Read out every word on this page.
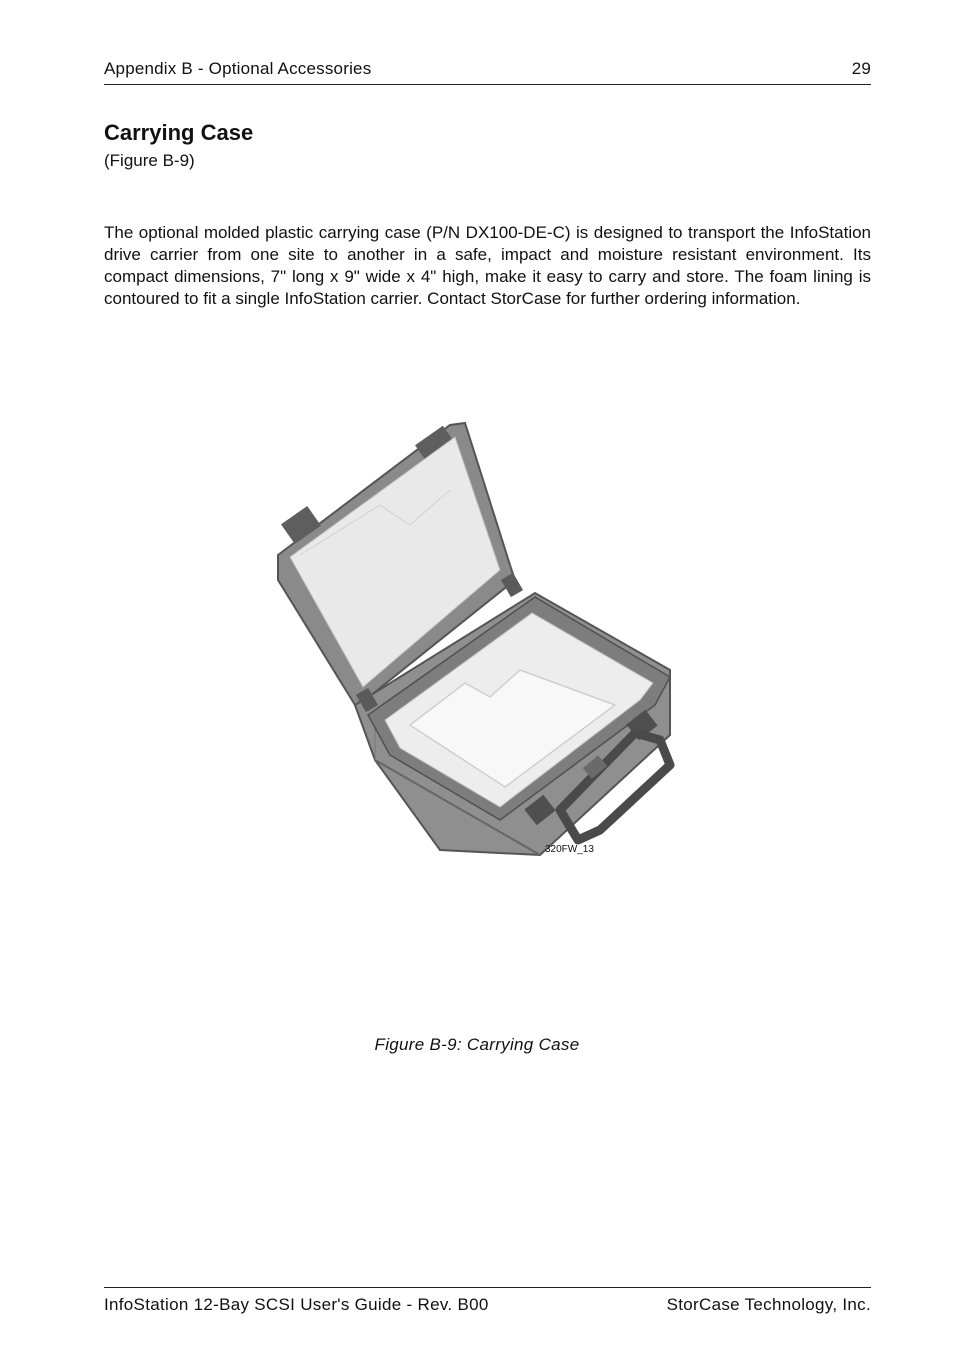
Appendix B - Optional Accessories	29
Carrying Case
(Figure B-9)

The optional molded plastic carrying case (P/N DX100-DE-C) is designed to transport the InfoStation drive carrier from one site to another in a safe, impact and moisture resistant environment. Its compact dimensions, 7" long x 9" wide x 4" high, make it easy to carry and store. The foam lining is contoured to fit a single InfoStation carrier. Contact StorCase for further ordering information.

320FW_13
Figure B-9: Carrying Case
InfoStation 12-Bay SCSI User's Guide - Rev. B00	StorCase Technology, Inc.
